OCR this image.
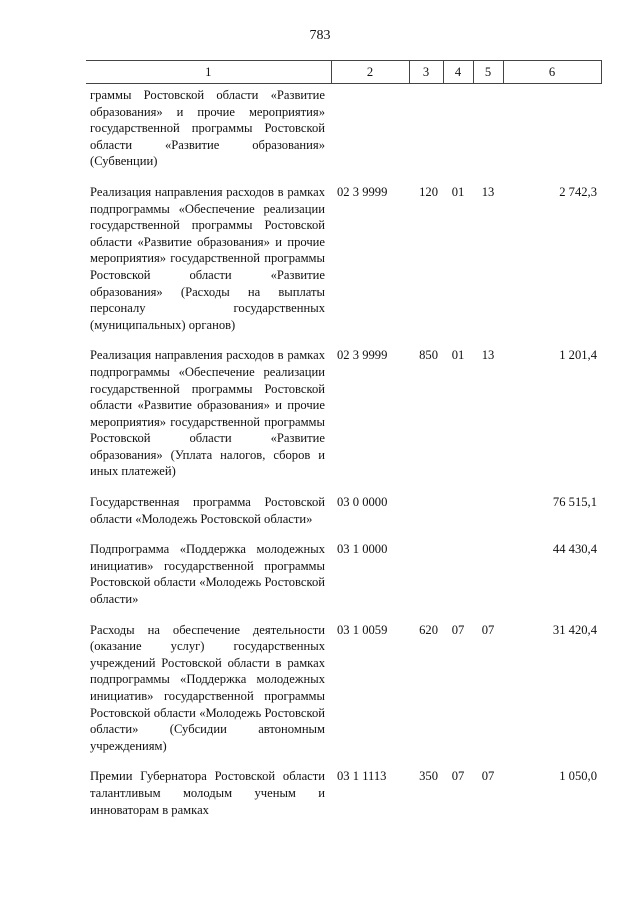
783
1	2	3	4	5	6
граммы Ростовской области «Развитие образования» и прочие мероприятия» государственной программы Ростовской области «Развитие образования» (Субвенции)					
Реализация направления расходов в рамках подпрограммы «Обеспечение реализации государственной программы Ростовской области «Развитие образования» и прочие мероприятия» государственной программы Ростовской области «Развитие образования» (Расходы на выплаты персоналу государственных (муниципальных) органов)	02 3 9999	120	01	13	2 742,3
Реализация направления расходов в рамках подпрограммы «Обеспечение реализации государственной программы Ростовской области «Развитие образования» и прочие мероприятия» государственной программы Ростовской области «Развитие образования» (Уплата налогов, сборов и иных платежей)	02 3 9999	850	01	13	1 201,4
Государственная программа Ростовской области «Молодежь Ростовской области»	03 0 0000				76 515,1
Подпрограмма «Поддержка молодежных инициатив» государственной программы Ростовской области «Молодежь Ростовской области»	03 1 0000				44 430,4
Расходы на обеспечение деятельности (оказание услуг) государственных учреждений Ростовской области в рамках подпрограммы «Поддержка молодежных инициатив» государственной программы Ростовской области «Молодежь Ростовской области» (Субсидии автономным учреждениям)	03 1 0059	620	07	07	31 420,4
Премии Губернатора Ростовской области талантливым молодым ученым и инноваторам в рамках	03 1 1113	350	07	07	1 050,0
